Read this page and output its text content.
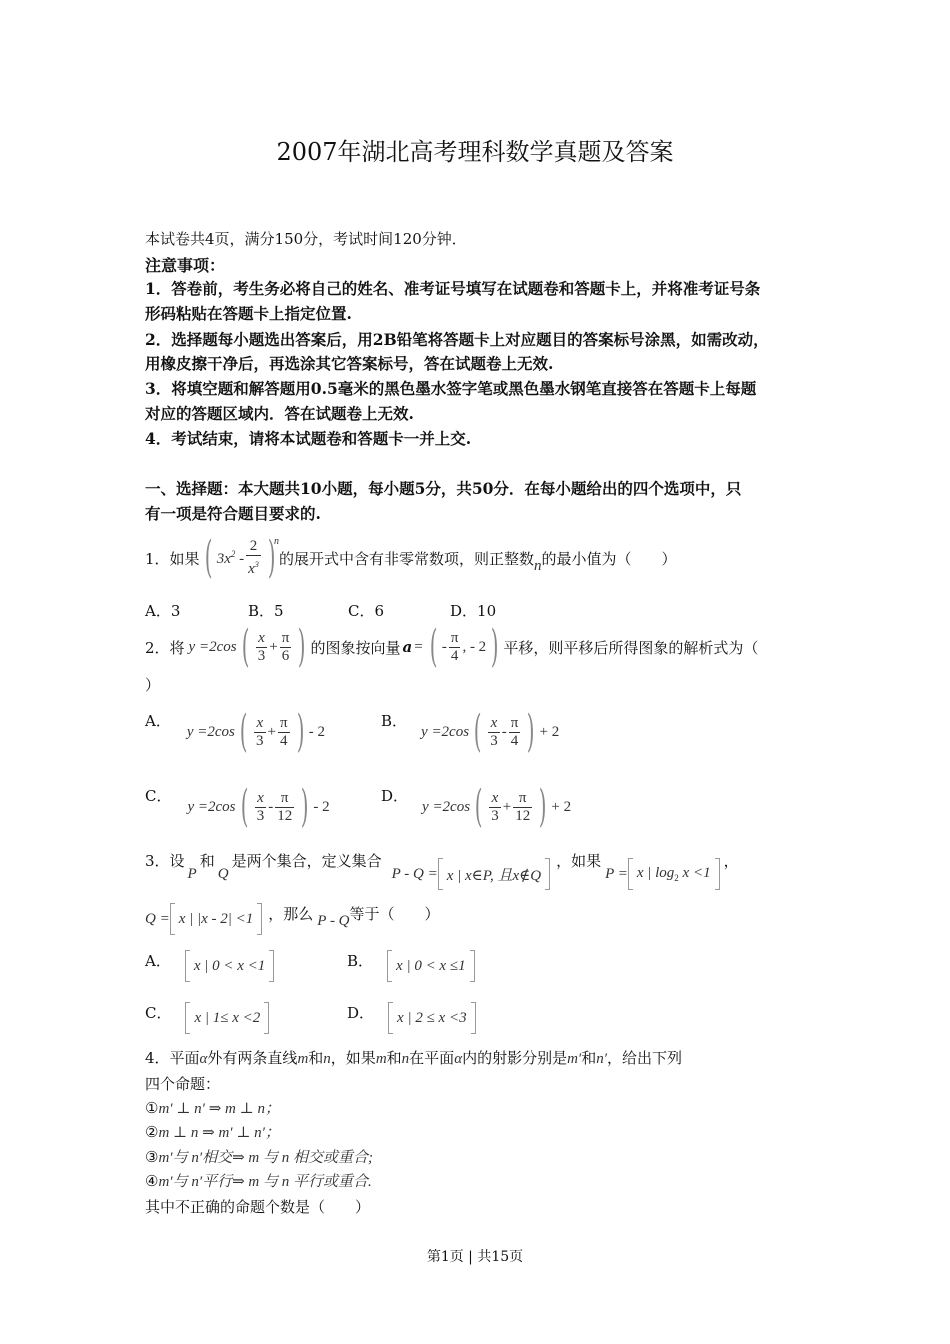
2007年湖北高考理科数学真题及答案
本试卷共4页，满分150分，考试时间120分钟．
注意事项：
1．答卷前，考生务必将自己的姓名、准考证号填写在试题卷和答题卡上，并将准考证号条
形码粘贴在答题卡上指定位置.
2．选择题每小题选出答案后，用2B铅笔将答题卡上对应题目的答案标号涂黑，如需改动，
用橡皮擦干净后，再选涂其它答案标号，答在试题卷上无效.
3．将填空题和解答题用0.5毫米的黑色墨水签字笔或黑色墨水钢笔直接答在答题卡上每题
对应的答题区域内．答在试题卷上无效.
4．考试结束，请将本试题卷和答题卡一并上交.
一、选择题：本大题共10小题，每小题5分，共50分．在每小题给出的四个选项中，只
有一项是符合题目要求的.
1．如果 ( $3x^2 - \frac{2}{x^3}$ )
n
的展开式中含有非零常数项，则正整数 n 的最小值为（　　）
A．3	B．5	C．6	D．10
2．将 y =2cos ( $\frac{x}{3} + \frac{\pi}{6}$ ) 的图象按向量 a = ( - $\frac{\pi}{4}$ , - 2 ) 平移，则平移后所得图象的解析式为（
）
A．
y =2cos ( $\frac{x}{3} + \frac{\pi}{4}$ ) - 2
B．
y =2cos ( $\frac{x}{3} - \frac{\pi}{4}$ ) + 2
C．
y =2cos ( $\frac{x}{3} - \frac{\pi}{12}$ ) - 2
D．
y =2cos ( $\frac{x}{3} + \frac{\pi}{12}$ ) + 2
3．设
P
和
Q
是两个集合，定义集合
P - Q = x | x∈P, 且x∉Q
，如果
P = x | $\log_2 x <1$
，
Q = x | |x - 2| <1 ，那么 P - Q 等于（　　）
A． x | 0 < x <1	B． x | 0 < x ≤1
C． x | 1≤ x <2	D． x | 2 ≤ x <3
4．平面α外有两条直线m和n，如果m和n在平面α内的射影分别是m′和n′，给出下列
四个命题：
①m′ ⊥ n′ ⇒ m ⊥ n；
②m ⊥ n ⇒ m′ ⊥ n′；
③m′与 n′相交⇒ m 与 n 相交或重合;
④m′与 n′平行⇒ m 与 n 平行或重合.
其中不正确的命题个数是（　　）
第1页 | 共15页
